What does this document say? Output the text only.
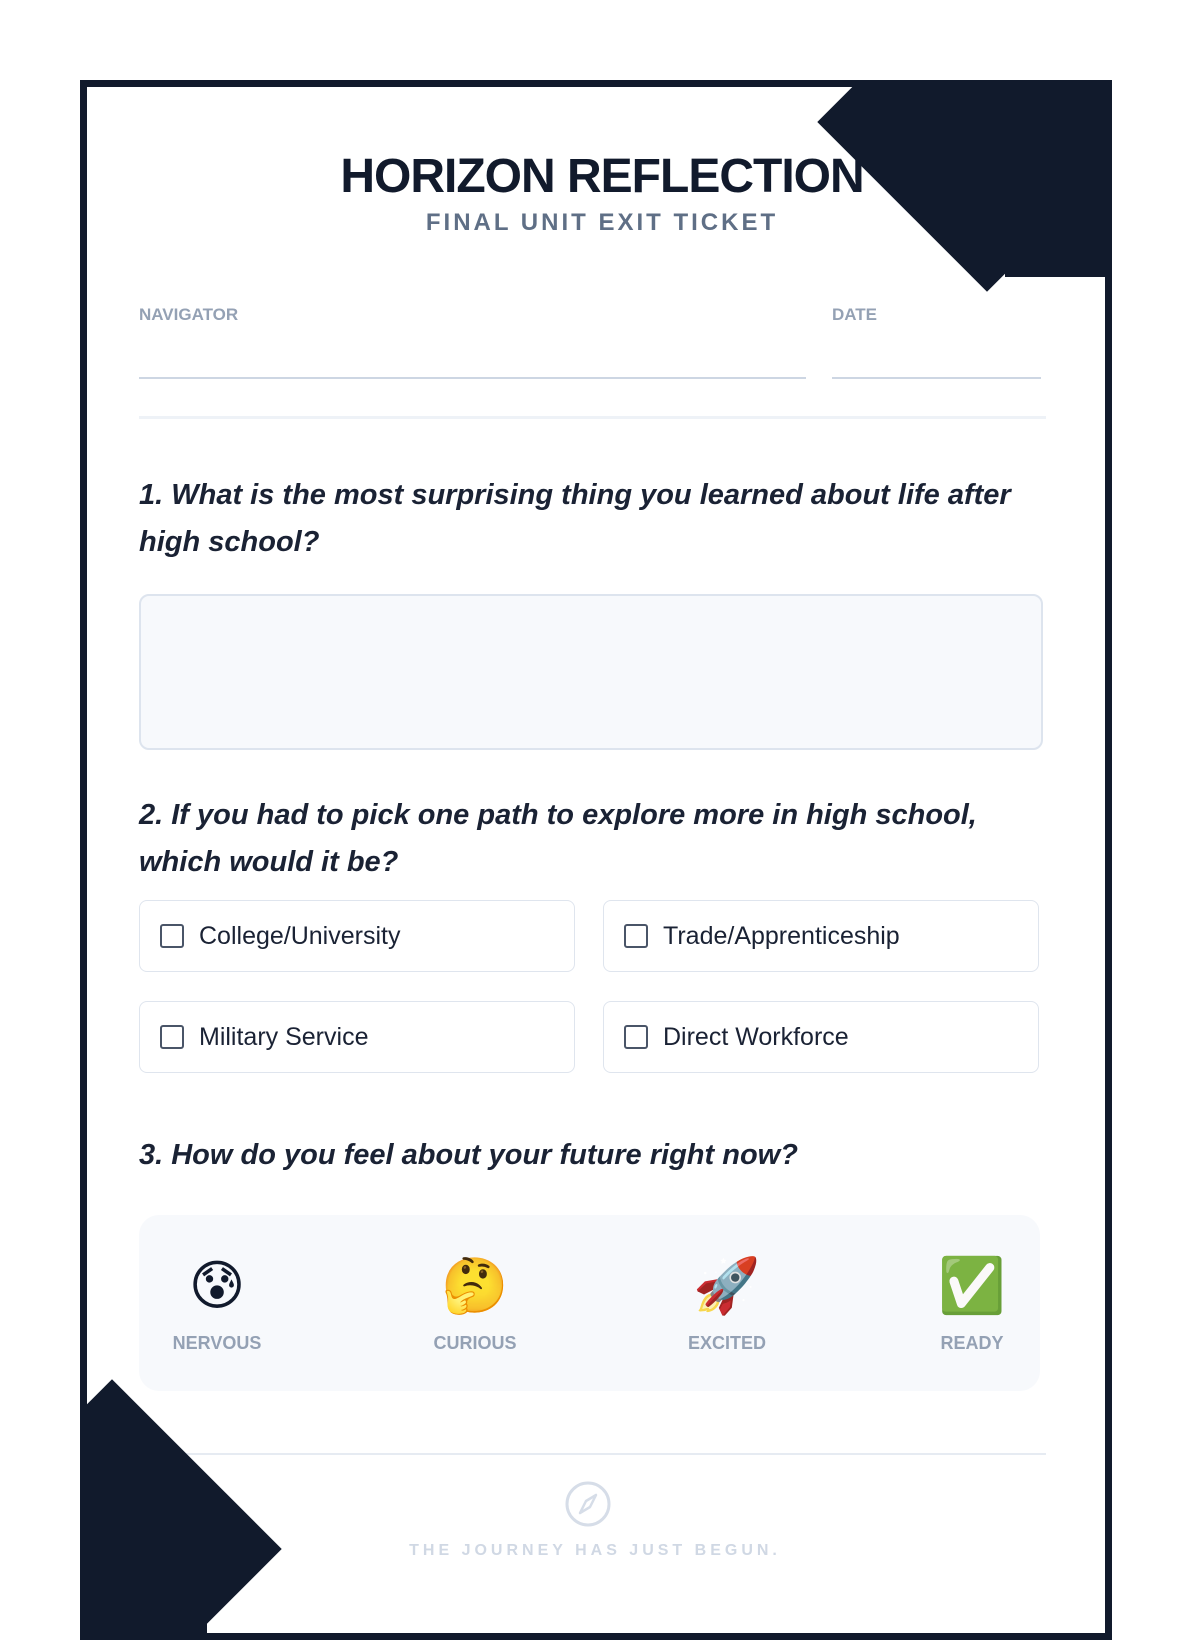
HORIZON REFLECTION
FINAL UNIT EXIT TICKET
NAVIGATOR	DATE
1. What is the most surprising thing you learned about life after high school?
2. If you had to pick one path to explore more in high school, which would it be?
College/University	Trade/Apprenticeship
Military Service	Direct Workforce
3. How do you feel about your future right now?
😰
NERVOUS
🤔
CURIOUS
🚀
EXCITED
✅
READY
THE JOURNEY HAS JUST BEGUN.
